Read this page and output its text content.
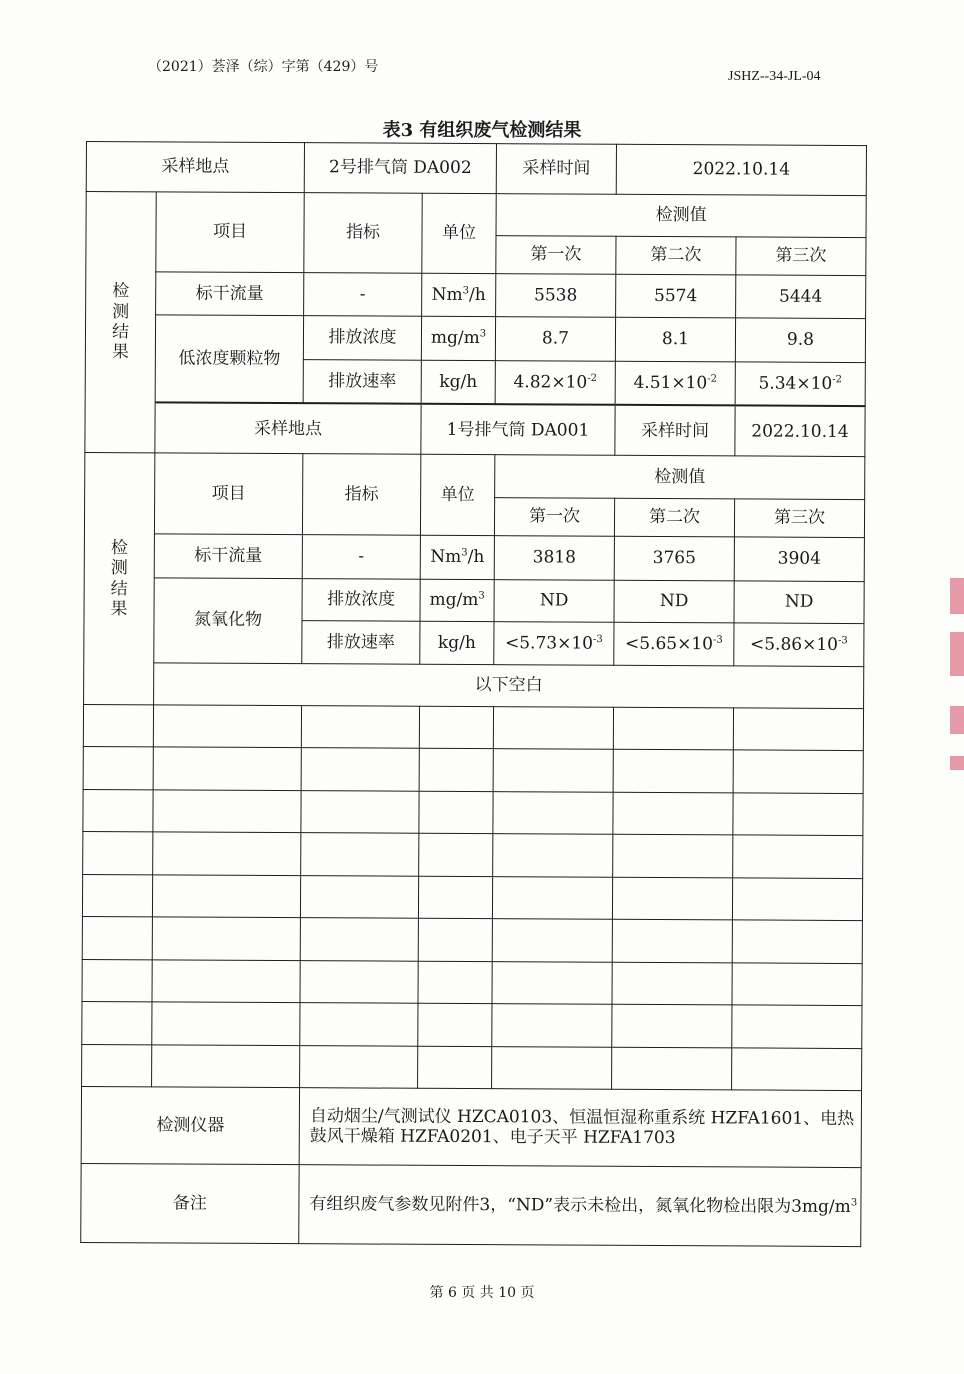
（2021）荟泽（综）字第（429）号
JSHZ--34-JL-04
表3 有组织废气检测结果
采样地点		2号排气筒 DA002		采样时间	2022.10.14	

检
测
结
果	项目	指标	单位	检测值		
				第一次	第二次	第三次
	标干流量	-	Nm$^3$/h	5538	5574	5444
	低浓度颗粒物	排放浓度	$mg/m^3$	8.7	8.1	9.8
		排放速率	kg/h	$4.82\times 10^{-2}$	$4.51\times 10^{-2}$	$5.34\times 10^{-2}$
	采样地点		1号排气筒 DA001		采样时间	2022.10.14

检
测
结
果	项目	指标	单位	检测值		
				第一次	第二次	第三次
	标干流量	-	Nm$^3$/h	3818	3765	3904
	氮氧化物	排放浓度	$mg/m^3$	ND	ND	ND
		排放速率	kg/h	$<5.73\times 10^{-3}$	$<5.65\times 10^{-3}$	$<5.86\times 10^{-3}$
	以下空白					

检测仪器		自动烟尘/气测试仪 HZCA0103、恒温恒湿称重系统 HZFA1601、电热鼓风干燥箱 HZFA0201、电子天平 HZFA1703				
备注		有组织废气参数见附件3，“ND”表示未检出，氮氧化物检出限为$3mg/m^3$
第 6 页 共 10 页
